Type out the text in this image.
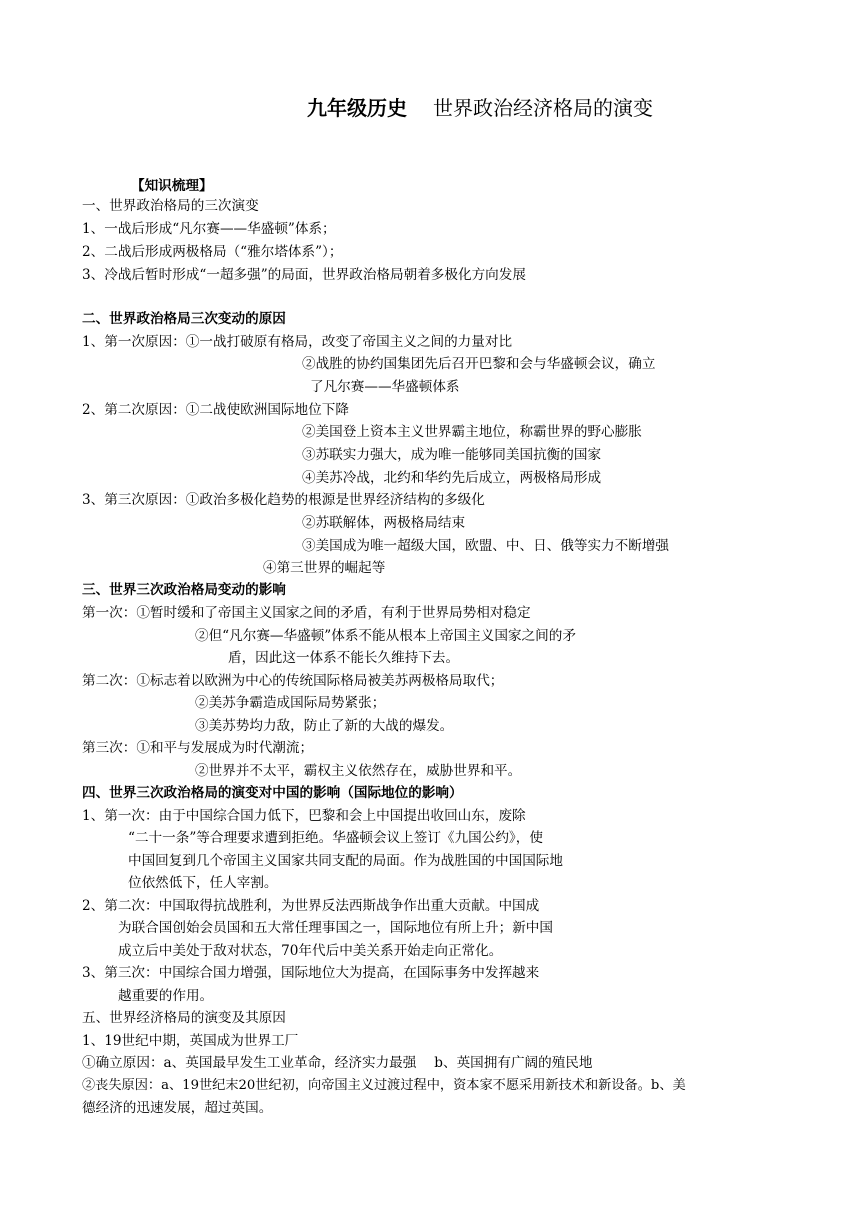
九年级历史 世界政治经济格局的演变
【知识梳理】
一、世界政治格局的三次演变
1、一战后形成“凡尔赛——华盛顿”体系；
2、二战后形成两极格局（“雅尔塔体系”）；
3、冷战后暂时形成“一超多强”的局面，世界政治格局朝着多极化方向发展
二、世界政治格局三次变动的原因
1、第一次原因：①一战打破原有格局，改变了帝国主义之间的力量对比
②战胜的协约国集团先后召开巴黎和会与华盛顿会议，确立
了凡尔赛——华盛顿体系
2、第二次原因：①二战使欧洲国际地位下降
②美国登上资本主义世界霸主地位，称霸世界的野心膨胀
③苏联实力强大，成为唯一能够同美国抗衡的国家
④美苏冷战，北约和华约先后成立，两极格局形成
3、第三次原因：①政治多极化趋势的根源是世界经济结构的多级化
②苏联解体，两极格局结束
③美国成为唯一超级大国，欧盟、中、日、俄等实力不断增强
④第三世界的崛起等
三、世界三次政治格局变动的影响
第一次：①暂时缓和了帝国主义国家之间的矛盾，有利于世界局势相对稳定
②但“凡尔赛—华盛顿”体系不能从根本上帝国主义国家之间的矛
盾，因此这一体系不能长久维持下去。
第二次：①标志着以欧洲为中心的传统国际格局被美苏两极格局取代；
②美苏争霸造成国际局势紧张；
③美苏势均力敌，防止了新的大战的爆发。
第三次：①和平与发展成为时代潮流；
②世界并不太平，霸权主义依然存在，威胁世界和平。
四、世界三次政治格局的演变对中国的影响（国际地位的影响）
1、第一次：由于中国综合国力低下，巴黎和会上中国提出收回山东，废除
“二十一条”等合理要求遭到拒绝。华盛顿会议上签订《九国公约》，使
中国回复到几个帝国主义国家共同支配的局面。作为战胜国的中国国际地
位依然低下，任人宰割。
2、第二次：中国取得抗战胜利，为世界反法西斯战争作出重大贡献。中国成
为联合国创始会员国和五大常任理事国之一，国际地位有所上升；新中国
成立后中美处于敌对状态，70年代后中美关系开始走向正常化。
3、第三次：中国综合国力增强，国际地位大为提高，在国际事务中发挥越来
越重要的作用。
五、世界经济格局的演变及其原因
1、19世纪中期，英国成为世界工厂
①确立原因：a、英国最早发生工业革命，经济实力最强　 b、英国拥有广阔的殖民地
②丧失原因：a、19世纪末20世纪初，向帝国主义过渡过程中，资本家不愿采用新技术和新设备。b、美
德经济的迅速发展，超过英国。
